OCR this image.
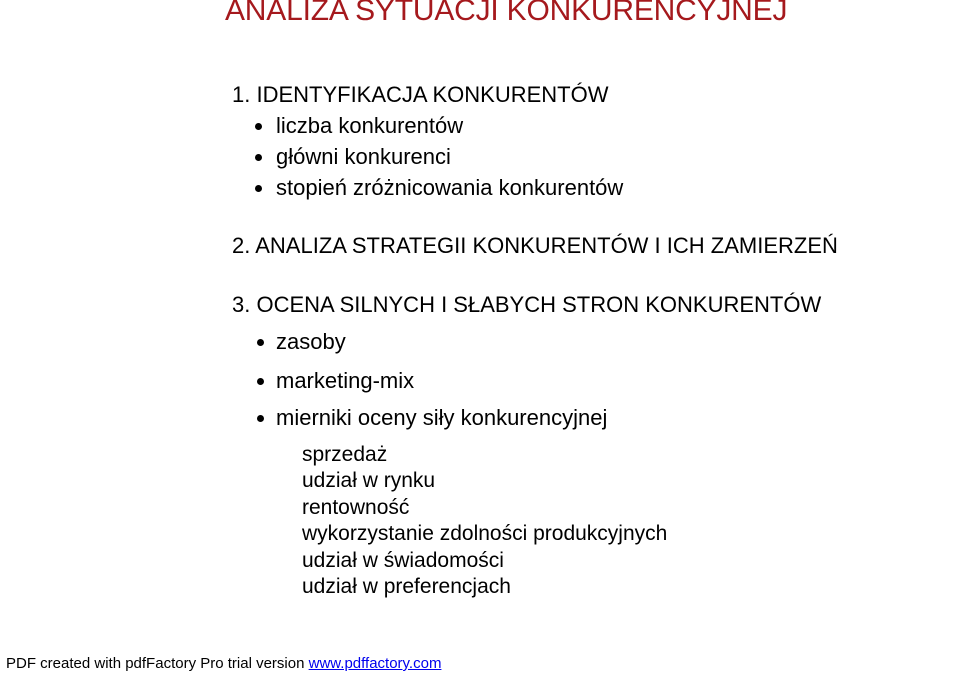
ANALIZA SYTUACJI KONKURENCYJNEJ
1. IDENTYFIKACJA KONKURENTÓW
liczba konkurentów
główni konkurenci
stopień zróżnicowania konkurentów
2. ANALIZA STRATEGII KONKURENTÓW I ICH ZAMIERZEŃ
3. OCENA SILNYCH I SŁABYCH STRON KONKURENTÓW
zasoby
marketing-mix
mierniki oceny siły konkurencyjnej
sprzedaż
udział w rynku
rentowność
wykorzystanie zdolności produkcyjnych
udział w świadomości
udział w preferencjach
PDF created with pdfFactory Pro trial version www.pdffactory.com
